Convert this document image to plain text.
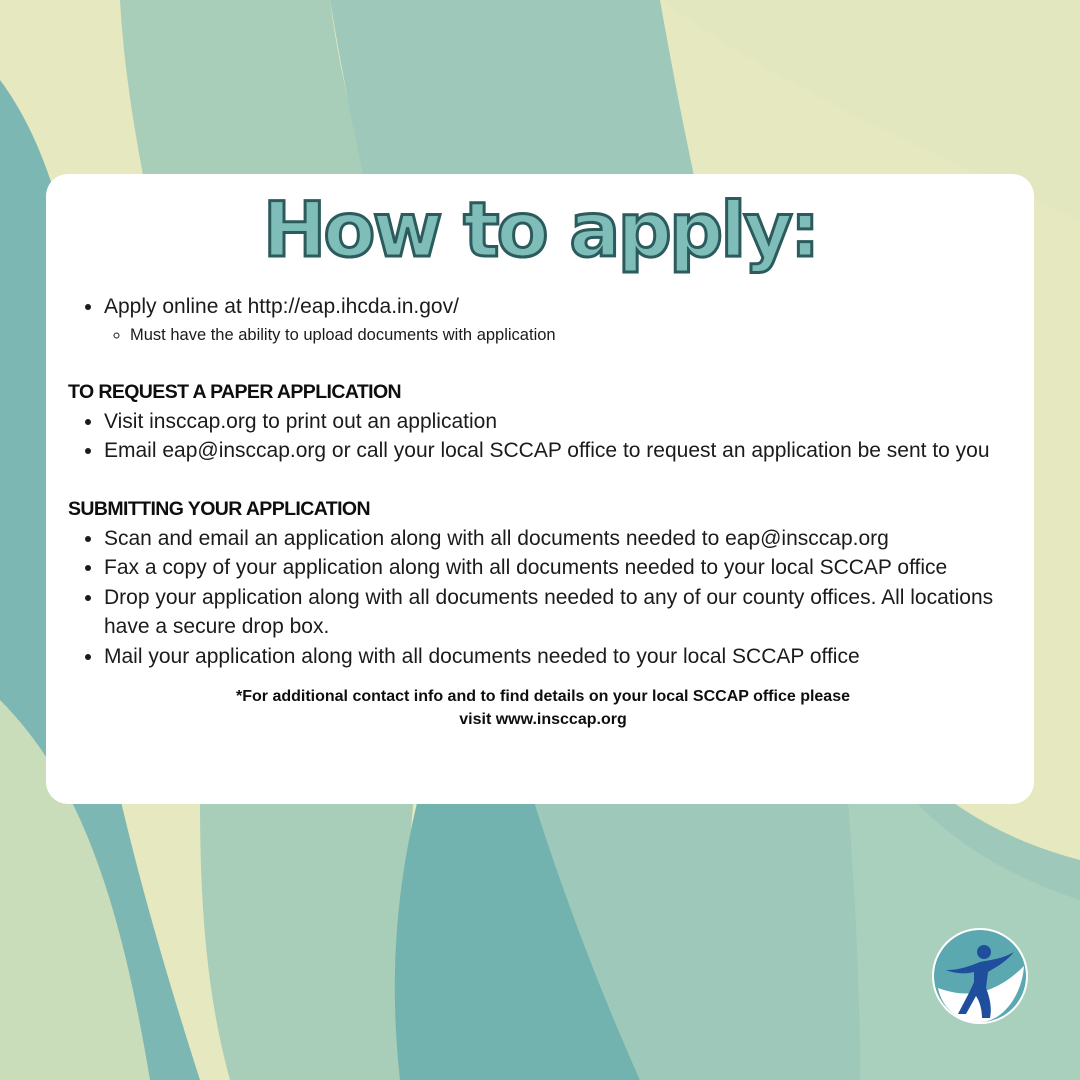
How to apply:
• Apply online at http://eap.ihcda.in.gov/
◦ Must have the ability to upload documents with application
TO REQUEST A PAPER APPLICATION
• Visit insccap.org to print out an application
• Email eap@insccap.org or call your local SCCAP office to request an application be sent to you
SUBMITTING YOUR APPLICATION
• Scan and email an application along with all documents needed to eap@insccap.org
• Fax a copy of your application along with all documents needed to your local SCCAP office
• Drop your application along with all documents needed to any of our county offices. All locations have a secure drop box.
• Mail your application along with all documents needed to your local SCCAP office
*For additional contact info and to find details on your local SCCAP office please visit www.insccap.org
